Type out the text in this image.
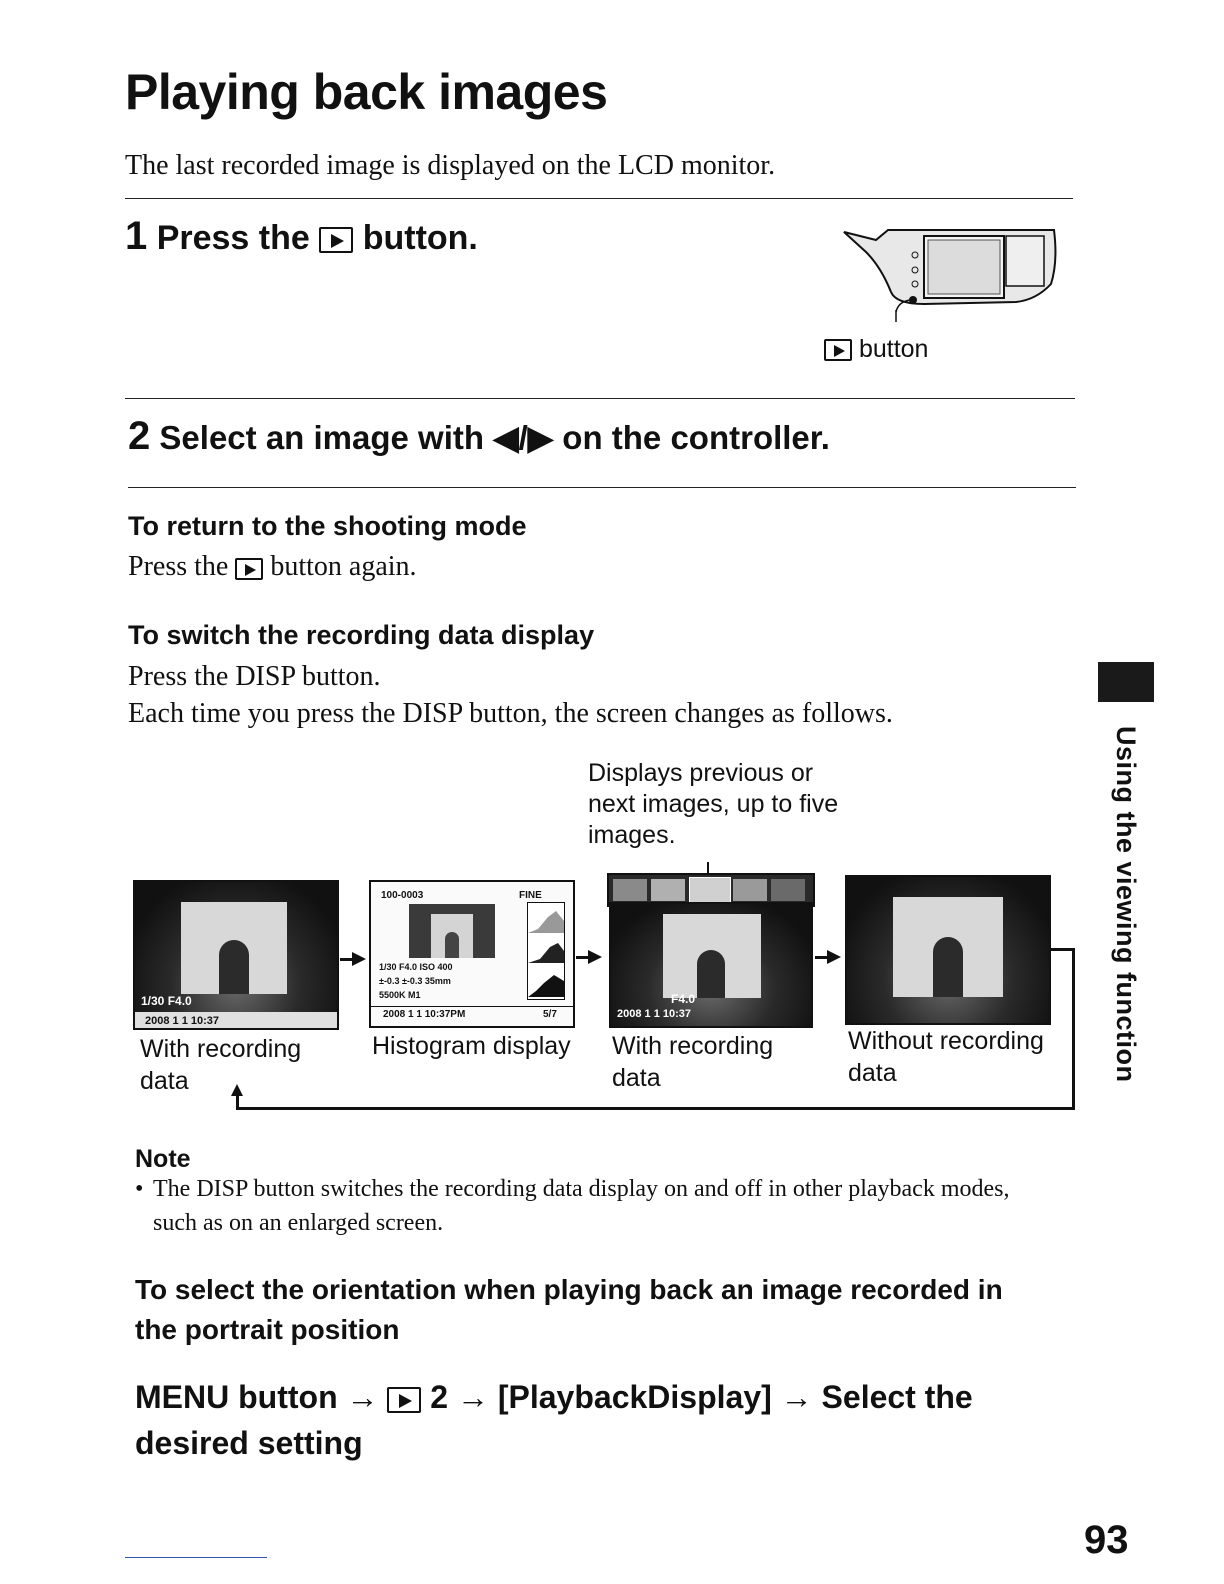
Playing back images
The last recorded image is displayed on the LCD monitor.
1 Press the button.
button
2 Select an image with ◀/▶ on the controller.
To return to the shooting mode
Press the button again.
To switch the recording data display
Press the DISP button.
Each time you press the DISP button, the screen changes as follows.
Displays previous or
next images, up to five
images.
1/30 F4.0
2008 1 1 10:37
With recording
data
100-0003	FINE
1/30 F4.0 ISO 400
±-0.3 ±-0.3 35mm
5500K M1
2008 1 1 10:37PM	5/7
Histogram display
F4.0
2008 1 1 10:37
With recording
data
Without recording
data
Note
• The DISP button switches the recording data display on and off in other playback modes, such as on an enlarged screen.
To select the orientation when playing back an image recorded in the portrait position
MENU button → 2 → [PlaybackDisplay] → Select the desired setting
Using the viewing function
93
